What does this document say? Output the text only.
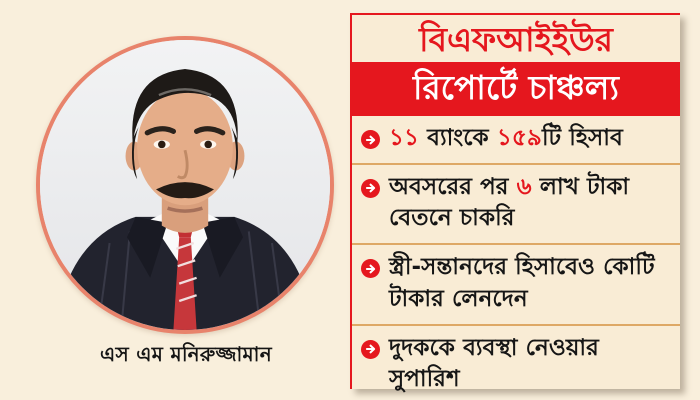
এস এম মনিরুজ্জামান
বিএফআইইউর
রিপোর্টে চাঞ্চল্য
১১ ব্যাংকে ১৫৯টি হিসাব
অবসরের পর ৬ লাখ টাকা বেতনে চাকরি
স্ত্রী-সন্তানদের হিসাবেও কোটি টাকার লেনদেন
দুদককে ব্যবস্থা নেওয়ার সুপারিশ
